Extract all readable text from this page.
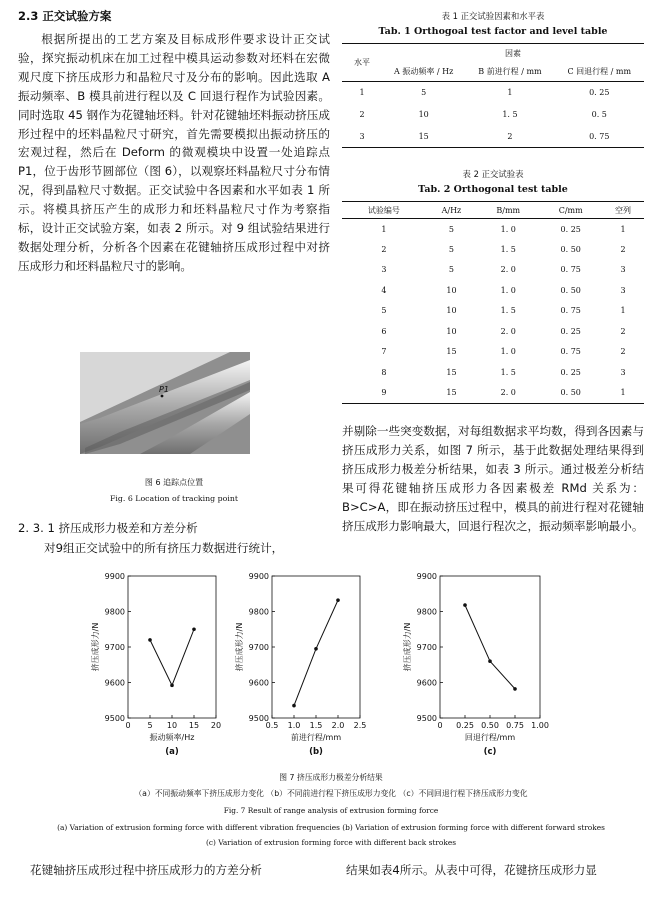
2.3 正交试验方案

根据所提出的工艺方案及目标成形件要求设计正交试验，探究振动机床在加工过程中模具运动参数对坯料在宏微观尺度下挤压成形力和晶粒尺寸及分布的影响。因此选取 A 振动频率、B 模具前进行程以及 C 回退行程作为试验因素。同时选取 45 钢作为花键轴坯料。针对花键轴坯料振动挤压成形过程中的坯料晶粒尺寸研究，首先需要模拟出振动挤压的宏观过程，然后在 Deform 的微观模块中设置一处追踪点 P1，位于齿形节圆部位（图 6），以观察坯料晶粒尺寸分布情况，得到晶粒尺寸数据。正交试验中各因素和水平如表 1 所示。将模具挤压产生的成形力和坯料晶粒尺寸作为考察指标，设计正交试验方案，如表 2 所示。对 9 组试验结果进行数据处理分析，分析各个因素在花键轴挤压成形过程中对挤压成形力和坯料晶粒尺寸的影响。

P1
图 6 追踪点位置
Fig. 6 Location of tracking point
2. 3. 1 挤压成形力极差和方差分析
对9组正交试验中的所有挤压力数据进行统计，
表 1 正交试验因素和水平表
Tab. 1 Orthogoal test factor and level table
水平	因素		
	A 振动频率 / Hz	B 前进行程 / mm	C 回退行程 / mm
1	5	1	0. 25
2	10	1. 5	0. 5
3	15	2	0. 75
表 2 正交试验表
Tab. 2 Orthogonal test table
试验编号	A/Hz	B/mm	C/mm	空列
1	5	1. 0	0. 25	1
2	5	1. 5	0. 50	2
3	5	2. 0	0. 75	3
4	10	1. 0	0. 50	3
5	10	1. 5	0. 75	1
6	10	2. 0	0. 25	2
7	15	1. 0	0. 75	2
8	15	1. 5	0. 25	3
9	15	2. 0	0. 50	1
并剔除一些突变数据，对每组数据求平均数，得到各因素与挤压成形力关系，如图 7 所示，基于此数据处理结果得到挤压成形力极差分析结果，如表 3 所示。通过极差分析结果可得花键轴挤压成形力各因素极差 RMd 关系为：B>C>A，即在振动挤压过程中，模具的前进行程对花键轴挤压成形力影响最大，回退行程次之，振动频率影响最小。
9500
9600
9700
9800
9900
0 5 10 15 20
振动频率/Hz
挤压成形力/N
(a)
9500
9600
9700
9800
9900
0.5 1.0 1.5 2.0 2.5
前进行程/mm
挤压成形力/N
(b)
9500
9600
9700
9800
9900
0 0.25 0.50 0.75 1.00
回退行程/mm
挤压成形力/N
(c)
图 7 挤压成形力极差分析结果
（a）不同振动频率下挤压成形力变化 （b）不同前进行程下挤压成形力变化 （c）不同回退行程下挤压成形力变化
Fig. 7 Result of range analysis of extrusion forming force
(a) Variation of extrusion forming force with different vibration frequencies (b) Variation of extrusion forming force with different forward strokes
(c) Variation of extrusion forming force with different back strokes
花键轴挤压成形过程中挤压成形力的方差分析	结果如表4所示。从表中可得，花键挤压成形力显
